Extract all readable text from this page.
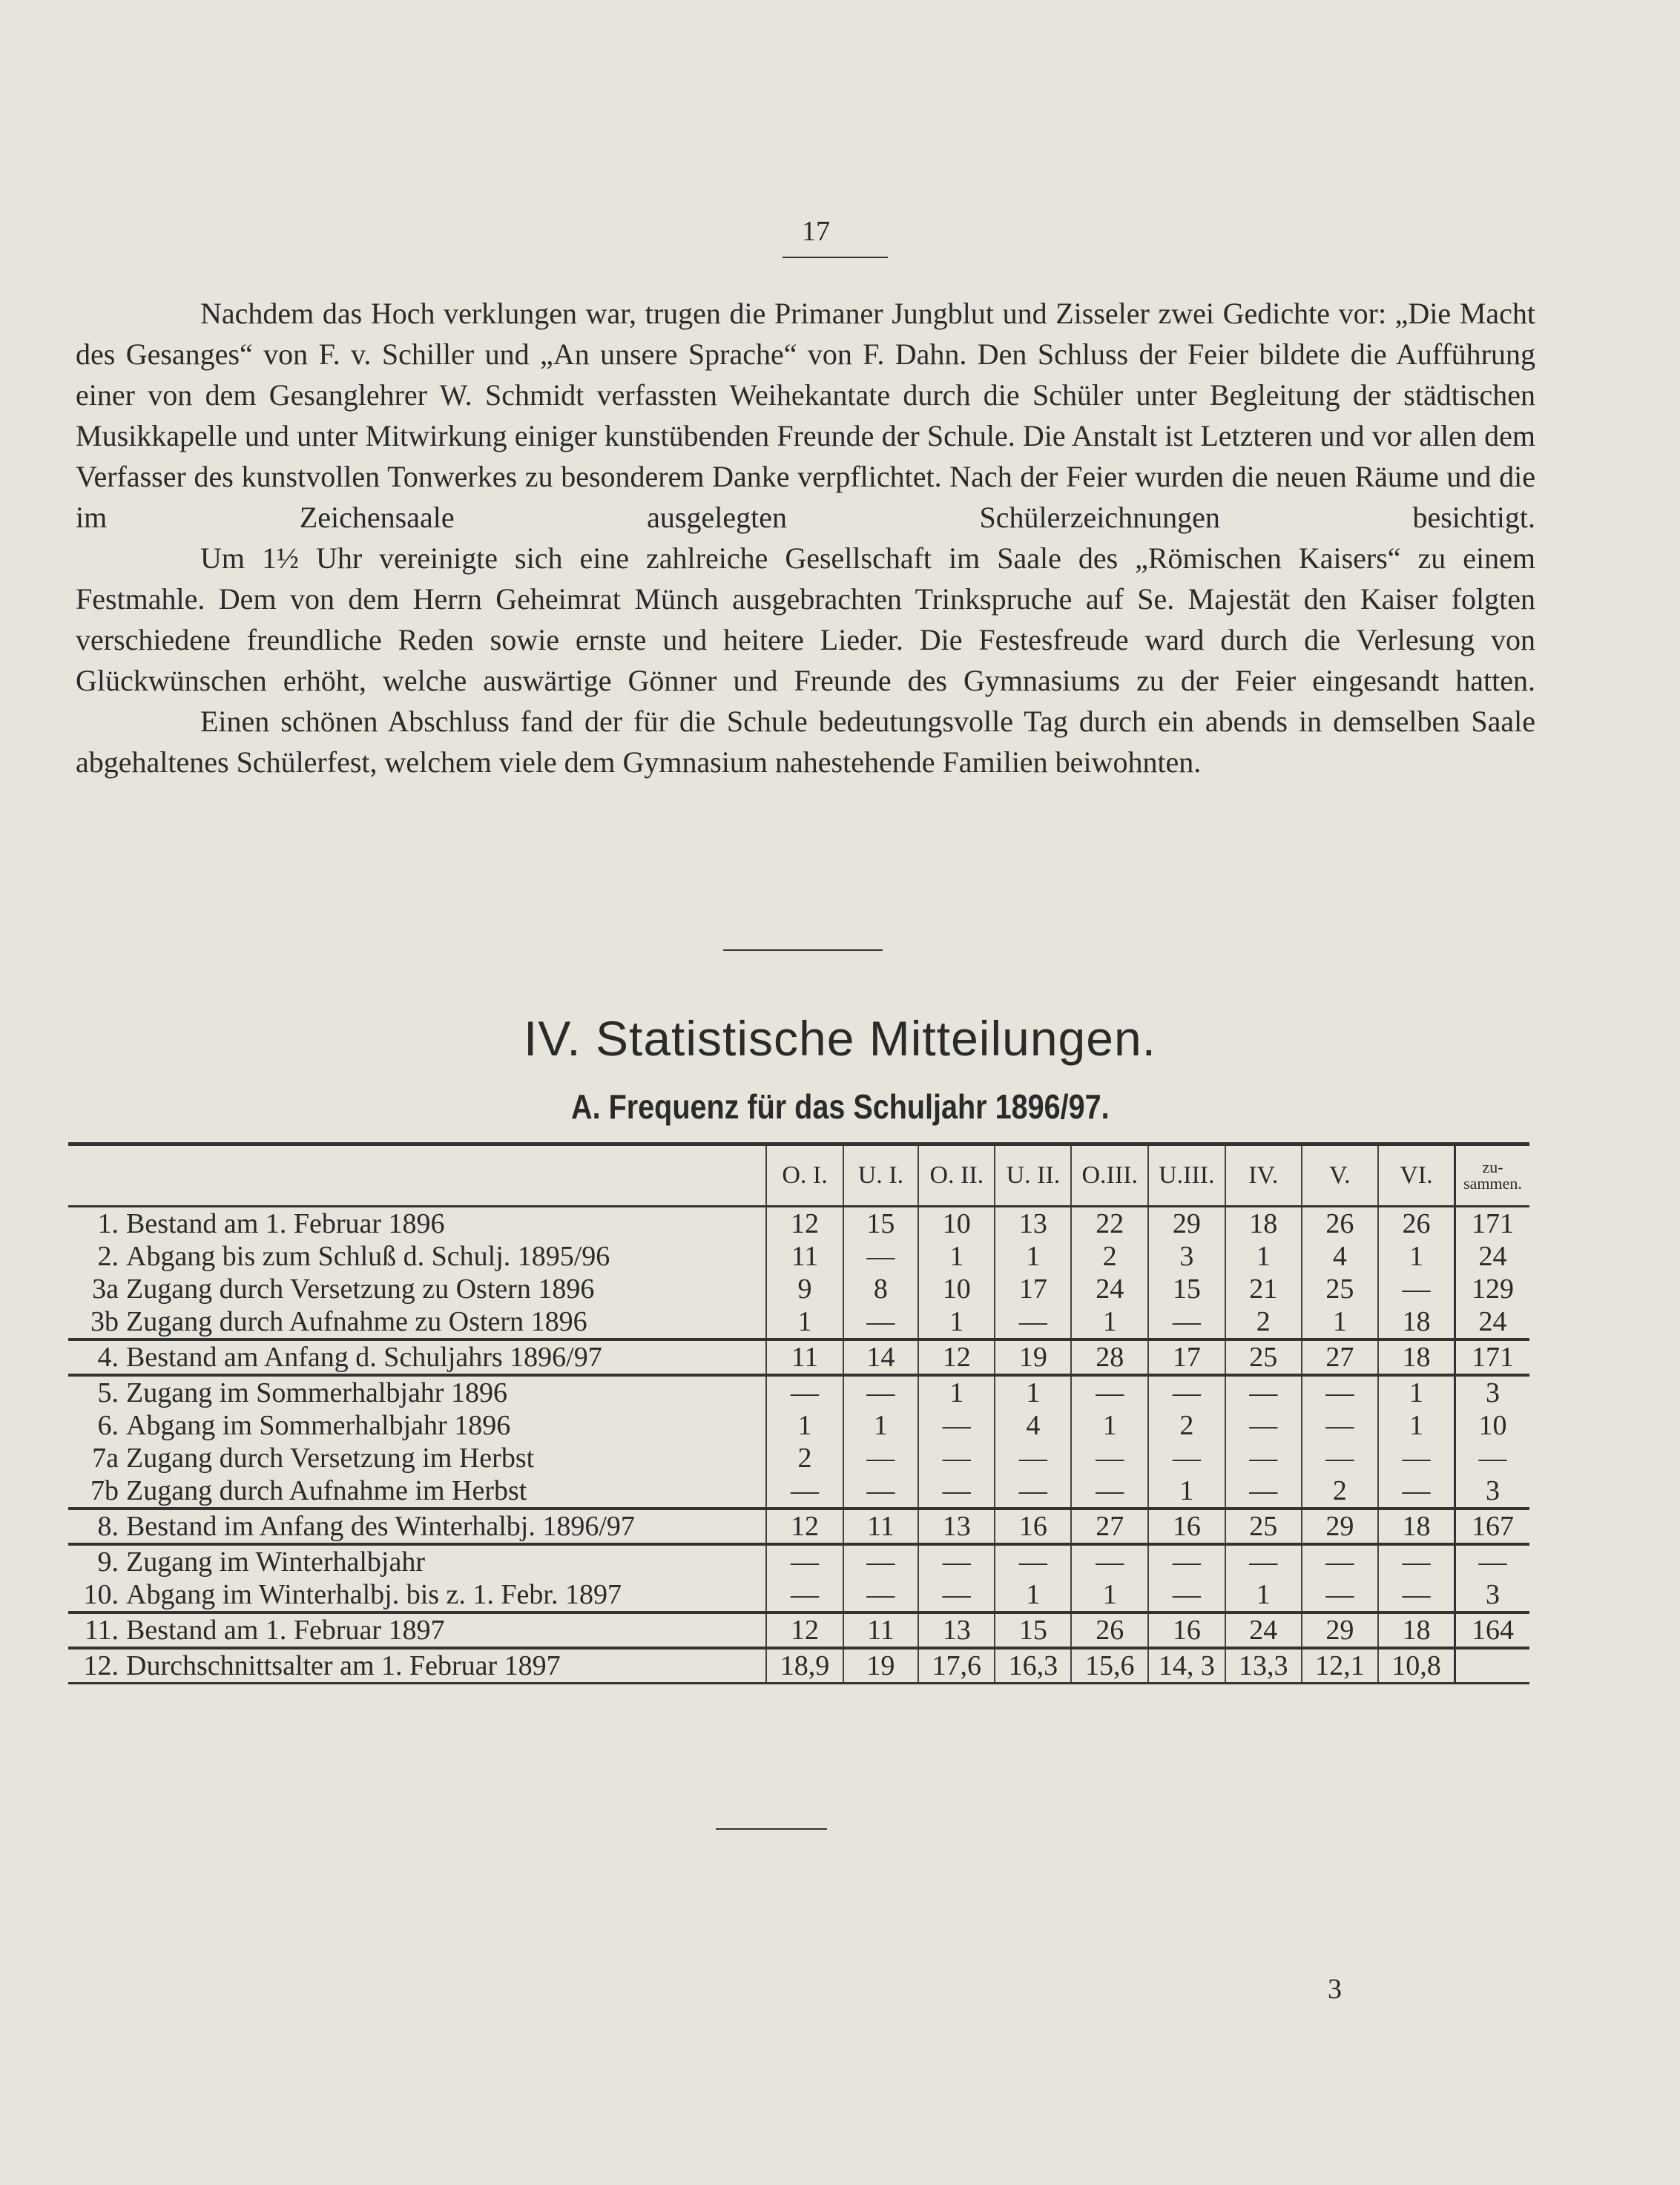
17

Nachdem das Hoch verklungen war, trugen die Primaner Jungblut und Zisseler zwei Gedichte vor: „Die Macht des Gesanges“ von F. v. Schiller und „An unsere Sprache“ von F. Dahn. Den Schluss der Feier bildete die Aufführung einer von dem Gesanglehrer W. Schmidt verfassten Weihekantate durch die Schüler unter Begleitung der städtischen Musikkapelle und unter Mitwirkung einiger kunstübenden Freunde der Schule. Die Anstalt ist Letzteren und vor allen dem Verfasser des kunstvollen Tonwerkes zu besonderem Danke verpflichtet. Nach der Feier wurden die neuen Räume und die im Zeichensaale ausgelegten Schülerzeichnungen besichtigt.

Um 1½ Uhr vereinigte sich eine zahlreiche Gesellschaft im Saale des „Römischen Kaisers“ zu einem Festmahle. Dem von dem Herrn Geheimrat Münch ausgebrachten Trinkspruche auf Se. Majestät den Kaiser folgten verschiedene freundliche Reden sowie ernste und heitere Lieder. Die Festesfreude ward durch die Verlesung von Glückwünschen erhöht, welche auswärtige Gönner und Freunde des Gymnasiums zu der Feier eingesandt hatten.

Einen schönen Abschluss fand der für die Schule bedeutungsvolle Tag durch ein abends in demselben Saale abgehaltenes Schülerfest, welchem viele dem Gymnasium nahestehende Familien beiwohnten.

IV. Statistische Mitteilungen.
A. Frequenz für das Schuljahr 1896/97.
	O. I.	U. I.	O. II.	U. II.	O.III.	U.III.	IV.	V.	VI.	zu-sammen.
1. Bestand am 1. Februar 1896	12	15	10	13	22	29	18	26	26	171
2. Abgang bis zum Schluß d. Schulj. 1895/96	11	—	1	1	2	3	1	4	1	24
3a Zugang durch Versetzung zu Ostern 1896	9	8	10	17	24	15	21	25	—	129
3b Zugang durch Aufnahme zu Ostern 1896	1	—	1	—	1	—	2	1	18	24
4. Bestand am Anfang d. Schuljahrs 1896/97	11	14	12	19	28	17	25	27	18	171
5. Zugang im Sommerhalbjahr 1896	—	—	1	1	—	—	—	—	1	3
6. Abgang im Sommerhalbjahr 1896	1	1	—	4	1	2	—	—	1	10
7a Zugang durch Versetzung im Herbst	2	—	—	—	—	—	—	—	—	—
7b Zugang durch Aufnahme im Herbst	—	—	—	—	—	1	—	2	—	3
8. Bestand im Anfang des Winterhalbj. 1896/97	12	11	13	16	27	16	25	29	18	167
9. Zugang im Winterhalbjahr	—	—	—	—	—	—	—	—	—	—
10. Abgang im Winterhalbj. bis z. 1. Febr. 1897	—	—	—	1	1	—	1	—	—	3
11. Bestand am 1. Februar 1897	12	11	13	15	26	16	24	29	18	164
12. Durchschnittsalter am 1. Februar 1897	18,9	19	17,6	16,3	15,6	14, 3	13,3	12,1	10,8	
3
